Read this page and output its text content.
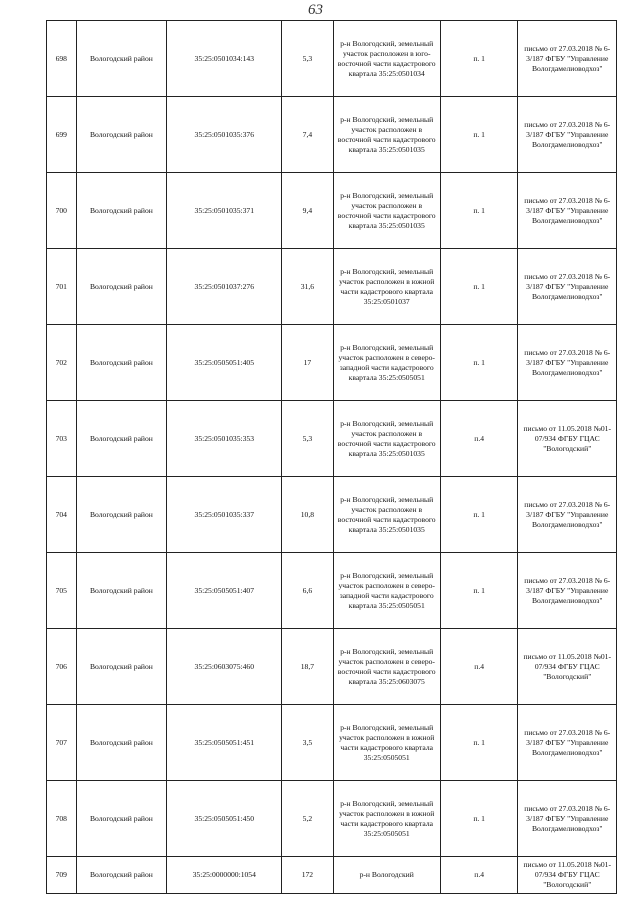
63
698	Вологодский район	35:25:0501034:143	5,3	р-н Вологодский, земельный участок расположен в юго-восточной части кадастрового квартала 35:25:0501034	п. 1	письмо от 27.03.2018 № 6-3/187 ФГБУ "Управление Вологдамелиоводхоз"
699	Вологодский район	35:25:0501035:376	7,4	р-н Вологодский, земельный участок расположен в восточной части кадастрового квартала 35:25:0501035	п. 1	письмо от 27.03.2018 № 6-3/187 ФГБУ "Управление Вологдамелиоводхоз"
700	Вологодский район	35:25:0501035:371	9,4	р-н Вологодский, земельный участок расположен в восточной части кадастрового квартала 35:25:0501035	п. 1	письмо от 27.03.2018 № 6-3/187 ФГБУ "Управление Вологдамелиоводхоз"
701	Вологодский район	35:25:0501037:276	31,6	р-н Вологодский, земельный участок расположен в южной части кадастрового квартала 35:25:0501037	п. 1	письмо от 27.03.2018 № 6-3/187 ФГБУ "Управление Вологдамелиоводхоз"
702	Вологодский район	35:25:0505051:405	17	р-н Вологодский, земельный участок расположен в северо-западной части кадастрового квартала 35:25:0505051	п. 1	письмо от 27.03.2018 № 6-3/187 ФГБУ "Управление Вологдамелиоводхоз"
703	Вологодский район	35:25:0501035:353	5,3	р-н Вологодский, земельный участок расположен в восточной части кадастрового квартала 35:25:0501035	п.4	письмо от 11.05.2018 №01-07/934 ФГБУ ГЦАС "Вологодский"
704	Вологодский район	35:25:0501035:337	10,8	р-н Вологодский, земельный участок расположен в восточной части кадастрового квартала 35:25:0501035	п. 1	письмо от 27.03.2018 № 6-3/187 ФГБУ "Управление Вологдамелиоводхоз"
705	Вологодский район	35:25:0505051:407	6,6	р-н Вологодский, земельный участок расположен в северо-западной части кадастрового квартала 35:25:0505051	п. 1	письмо от 27.03.2018 № 6-3/187 ФГБУ "Управление Вологдамелиоводхоз"
706	Вологодский район	35:25:0603075:460	18,7	р-н Вологодский, земельный участок расположен в северо-восточной части кадастрового квартала 35:25:0603075	п.4	письмо от 11.05.2018 №01-07/934 ФГБУ ГЦАС "Вологодский"
707	Вологодский район	35:25:0505051:451	3,5	р-н Вологодский, земельный участок расположен в южной части кадастрового квартала 35:25:0505051	п. 1	письмо от 27.03.2018 № 6-3/187 ФГБУ "Управление Вологдамелиоводхоз"
708	Вологодский район	35:25:0505051:450	5,2	р-н Вологодский, земельный участок расположен в южной части кадастрового квартала 35:25:0505051	п. 1	письмо от 27.03.2018 № 6-3/187 ФГБУ "Управление Вологдамелиоводхоз"
709	Вологодский район	35:25:0000000:1054	172	р-н Вологодский	п.4	письмо от 11.05.2018 №01-07/934 ФГБУ ГЦАС "Вологодский"
